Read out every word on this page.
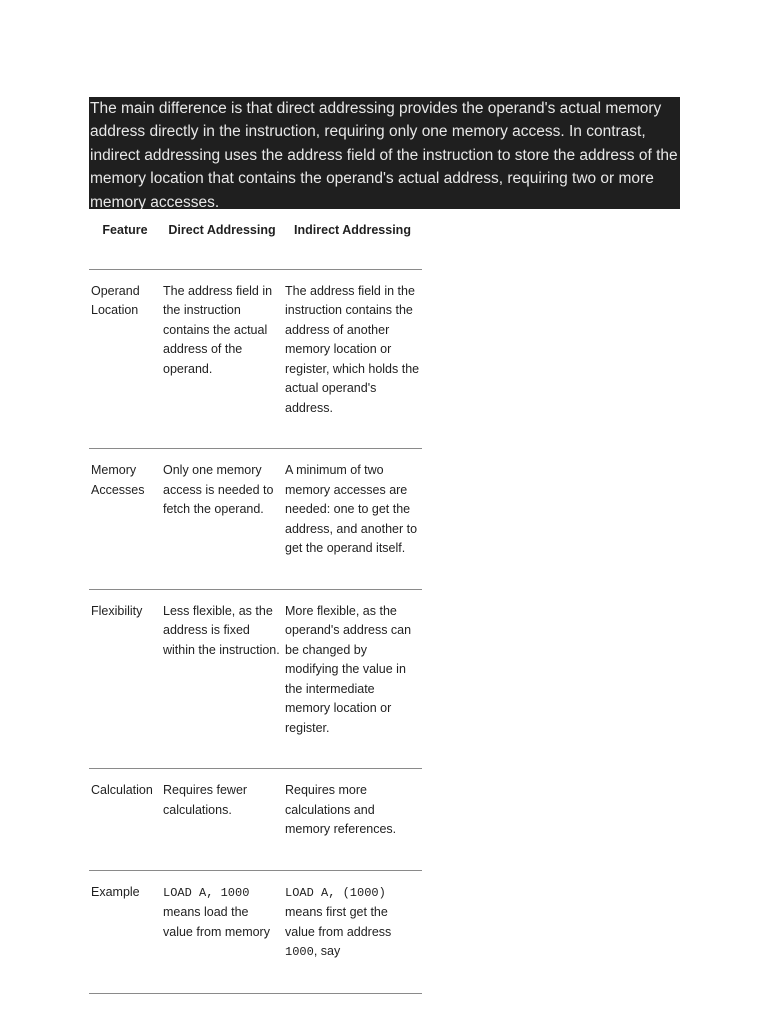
The main difference is that direct addressing provides the operand's actual memory address directly in the instruction, requiring only one memory access. In contrast, indirect addressing uses the address field of the instruction to store the address of the memory location that contains the operand's actual address, requiring two or more memory accesses.
Feature	Direct Addressing	Indirect Addressing
Operand Location	The address field in the instruction contains the actual address of the operand.	The address field in the instruction contains the address of another memory location or register, which holds the actual operand's address.
Memory Accesses	Only one memory access is needed to fetch the operand.	A minimum of two memory accesses are needed: one to get the address, and another to get the operand itself.
Flexibility	Less flexible, as the address is fixed within the instruction.	More flexible, as the operand's address can be changed by modifying the value in the intermediate memory location or register.
Calculation	Requires fewer calculations.	Requires more calculations and memory references.
Example	LOAD A, 1000 means load the value from memory	LOAD A, (1000) means first get the value from address 1000, say
